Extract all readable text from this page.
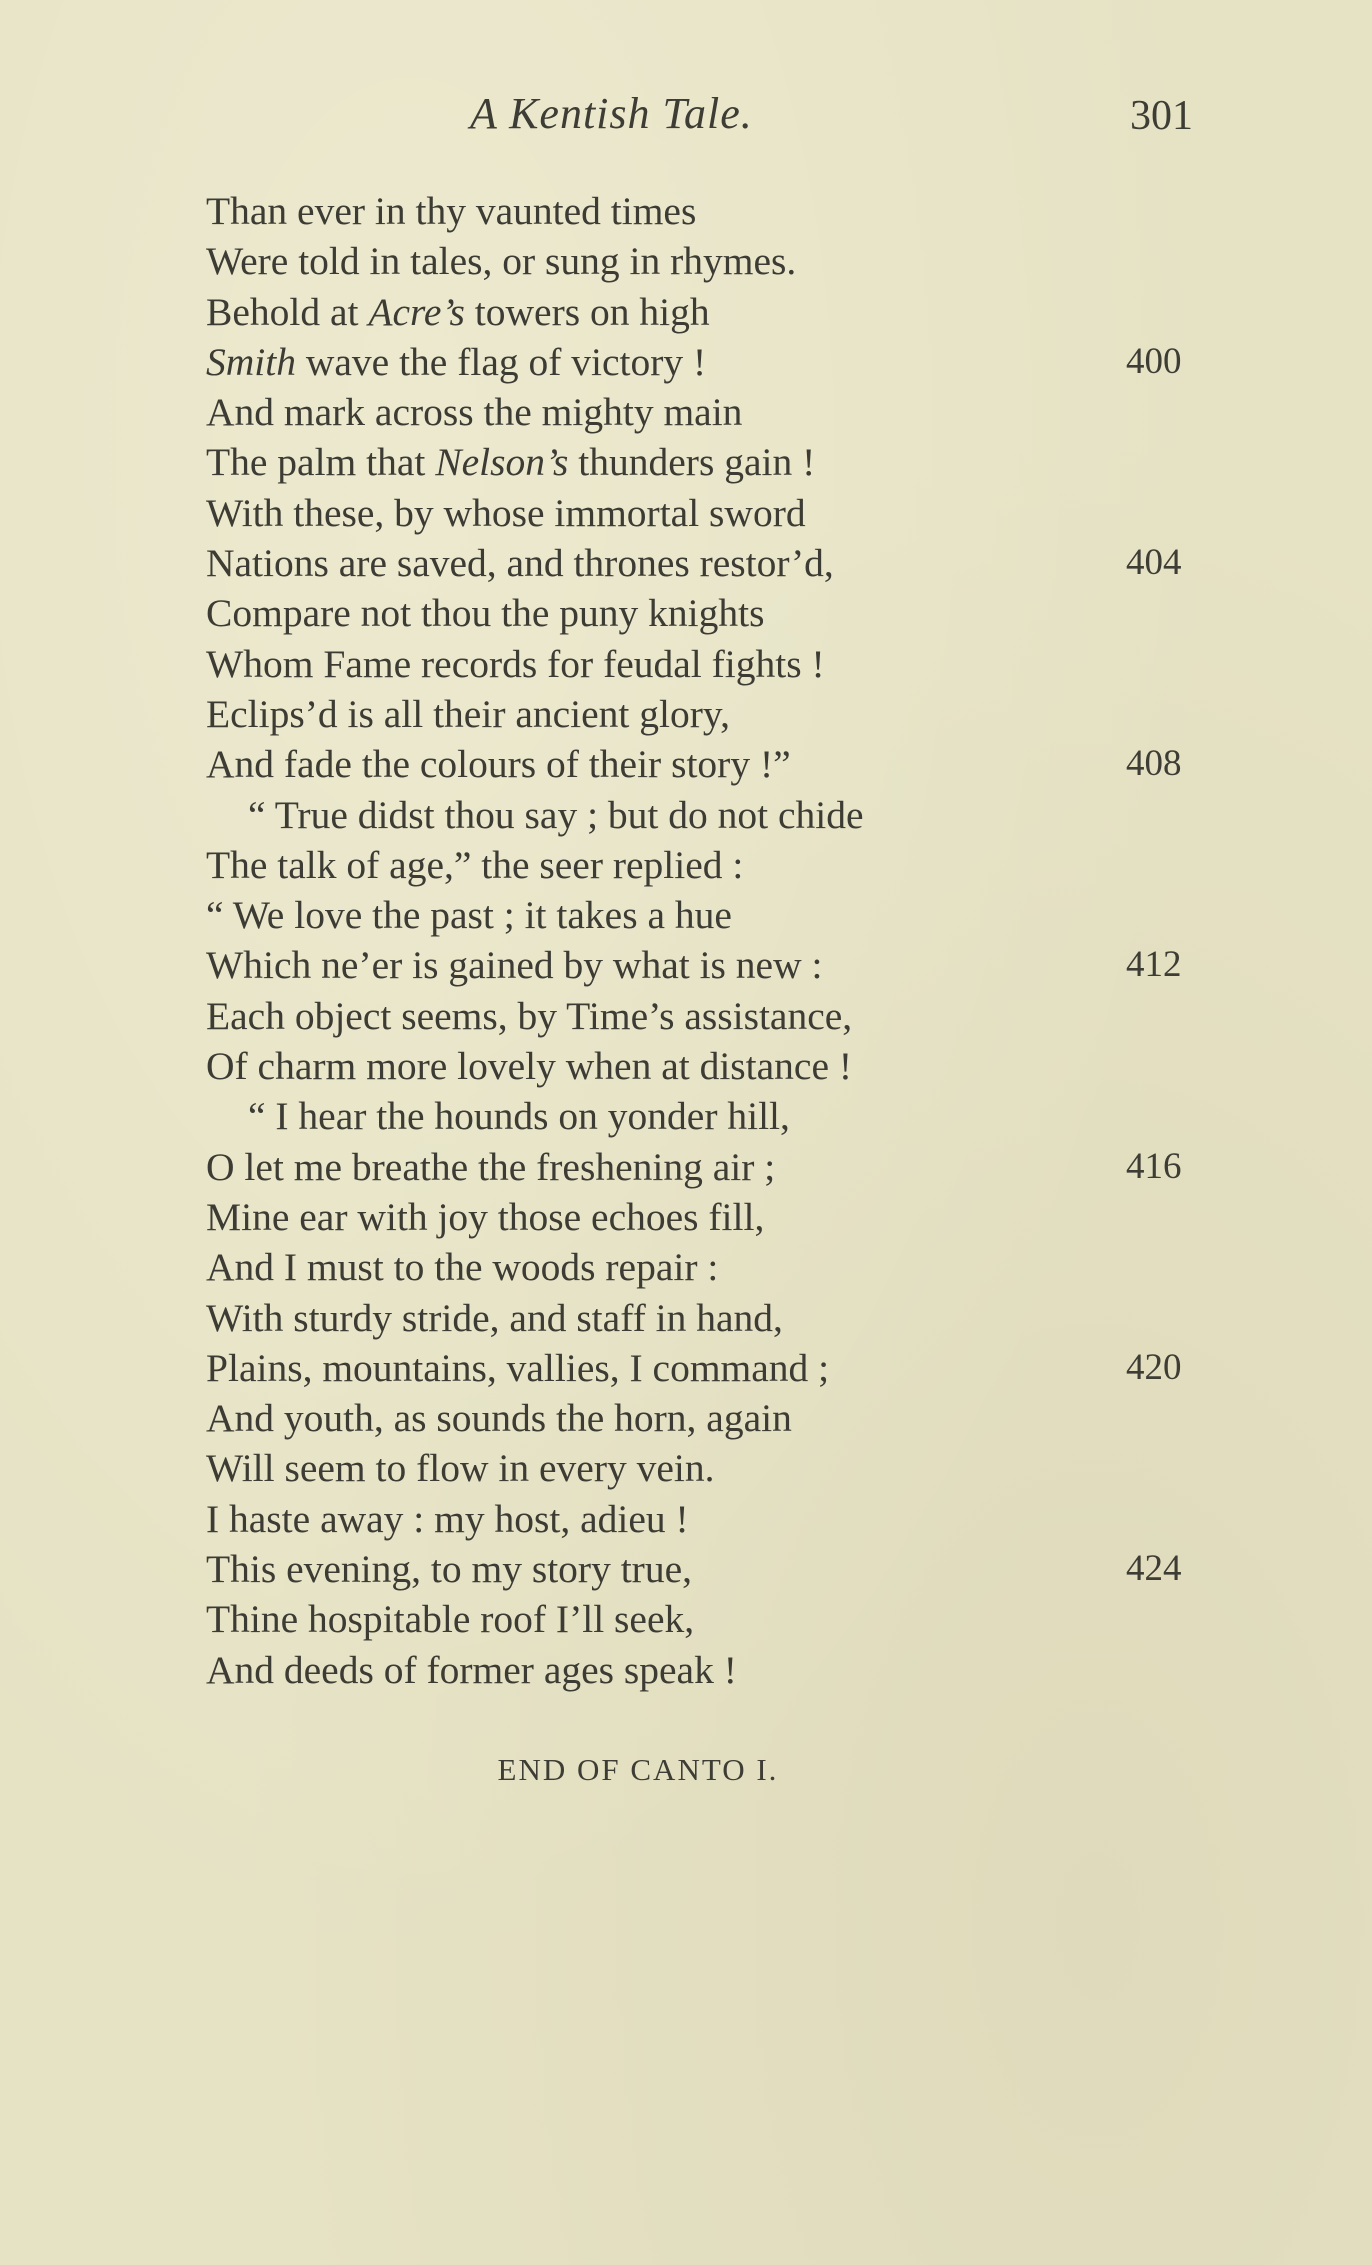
A Kentish Tale.	301
Than ever in thy vaunted times
Were told in tales, or sung in rhymes.
Behold at Acre’s towers on high
Smith wave the flag of victory !	400
And mark across the mighty main
The palm that Nelson’s thunders gain !
With these, by whose immortal sword
Nations are saved, and thrones restor’d,	404
Compare not thou the puny knights
Whom Fame records for feudal fights !
Eclips’d is all their ancient glory,
And fade the colours of their story !”	408
“ True didst thou say ; but do not chide
The talk of age,” the seer replied :
“ We love the past ; it takes a hue
Which ne’er is gained by what is new :	412
Each object seems, by Time’s assistance,
Of charm more lovely when at distance !
“ I hear the hounds on yonder hill,
O let me breathe the freshening air ;	416
Mine ear with joy those echoes fill,
And I must to the woods repair :
With sturdy stride, and staff in hand,
Plains, mountains, vallies, I command ;	420
And youth, as sounds the horn, again
Will seem to flow in every vein.
I haste away : my host, adieu !
This evening, to my story true,	424
Thine hospitable roof I’ll seek,
And deeds of former ages speak !
END OF CANTO I.
